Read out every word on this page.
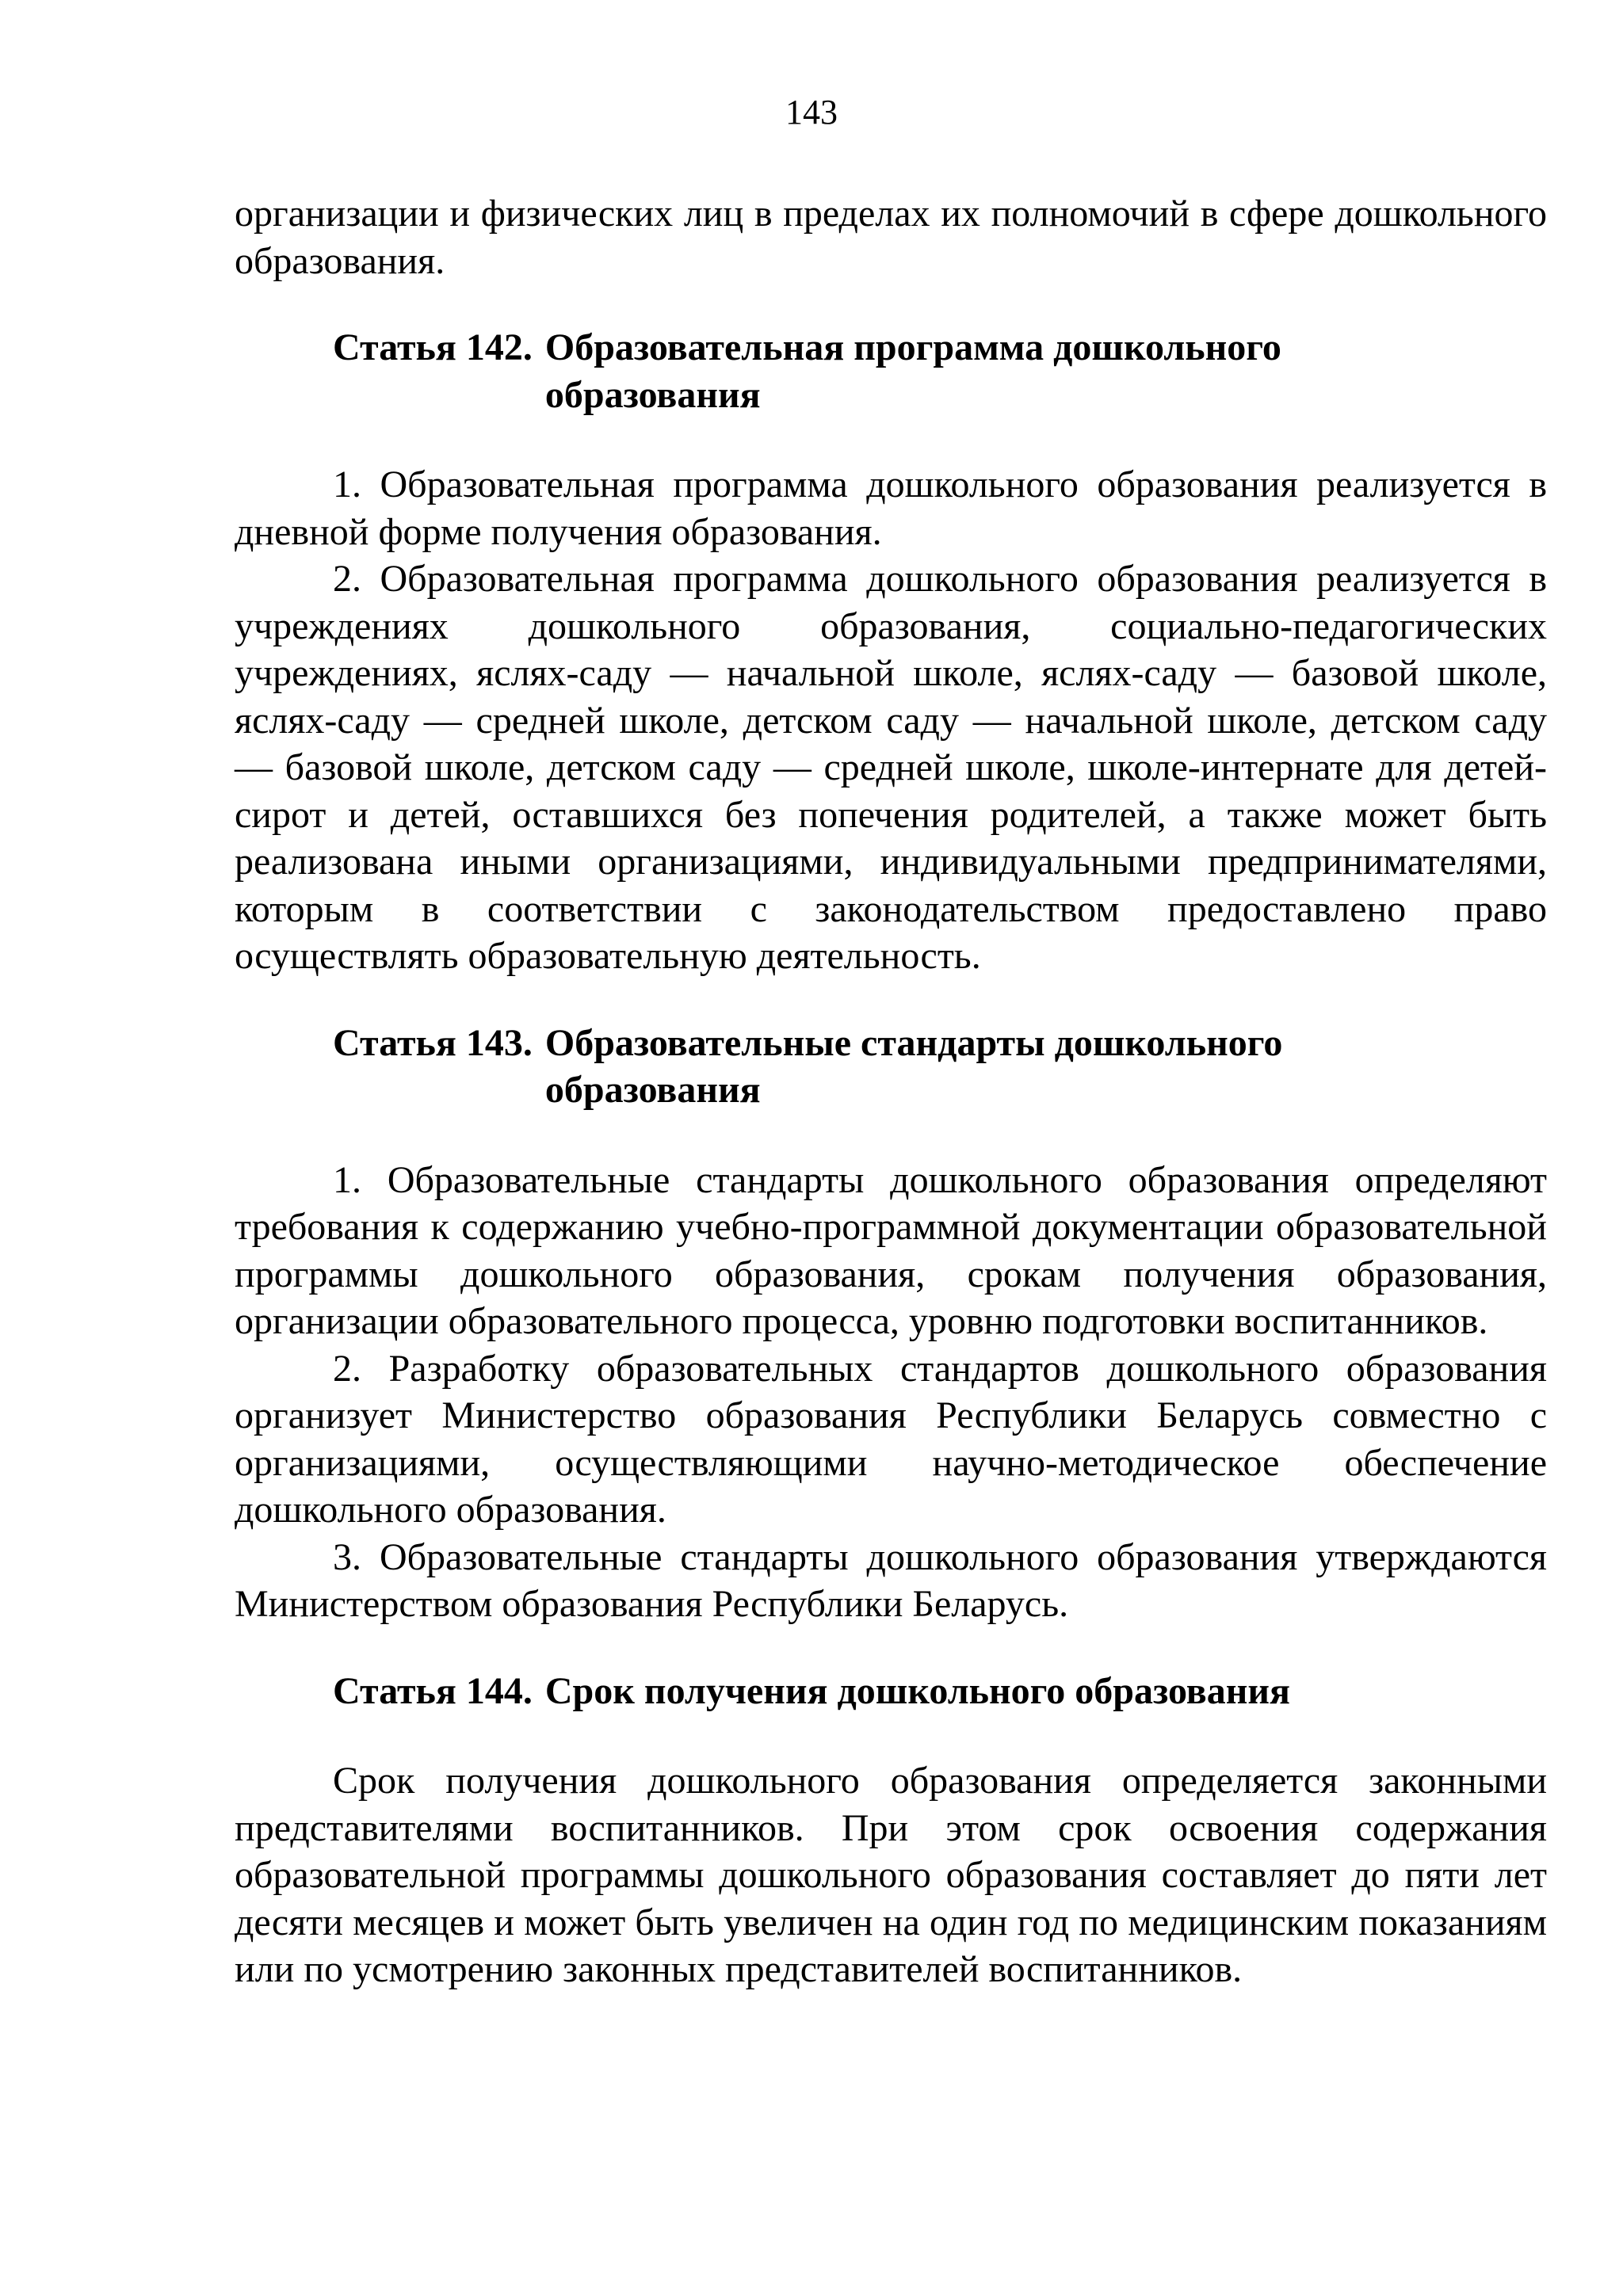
143

организации и физических лиц в пределах их полномочий в сфере дошкольного образования.

Статья 142. Образовательная программа дошкольного образования

1. Образовательная программа дошкольного образования реализуется в дневной форме получения образования.

2. Образовательная программа дошкольного образования реализуется в учреждениях дошкольного образования, социально-педагогических учреждениях, яслях-саду — начальной школе, яслях-саду — базовой школе, яслях-саду — средней школе, детском саду — начальной школе, детском саду — базовой школе, детском саду — средней школе, школе-интернате для детей-сирот и детей, оставшихся без попечения родителей, а также может быть реализована иными организациями, индивидуальными предпринимателями, которым в соответствии с законодательством предоставлено право осуществлять образовательную деятельность.

Статья 143. Образовательные стандарты дошкольного образования

1. Образовательные стандарты дошкольного образования определяют требования к содержанию учебно-программной документации образовательной программы дошкольного образования, срокам получения образования, организации образовательного процесса, уровню подготовки воспитанников.

2. Разработку образовательных стандартов дошкольного образования организует Министерство образования Республики Беларусь совместно с организациями, осуществляющими научно-методическое обеспечение дошкольного образования.

3. Образовательные стандарты дошкольного образования утверждаются Министерством образования Республики Беларусь.

Статья 144. Срок получения дошкольного образования

Срок получения дошкольного образования определяется законными представителями воспитанников. При этом срок освоения содержания образовательной программы дошкольного образования составляет до пяти лет десяти месяцев и может быть увеличен на один год по медицинским показаниям или по усмотрению законных представителей воспитанников.
